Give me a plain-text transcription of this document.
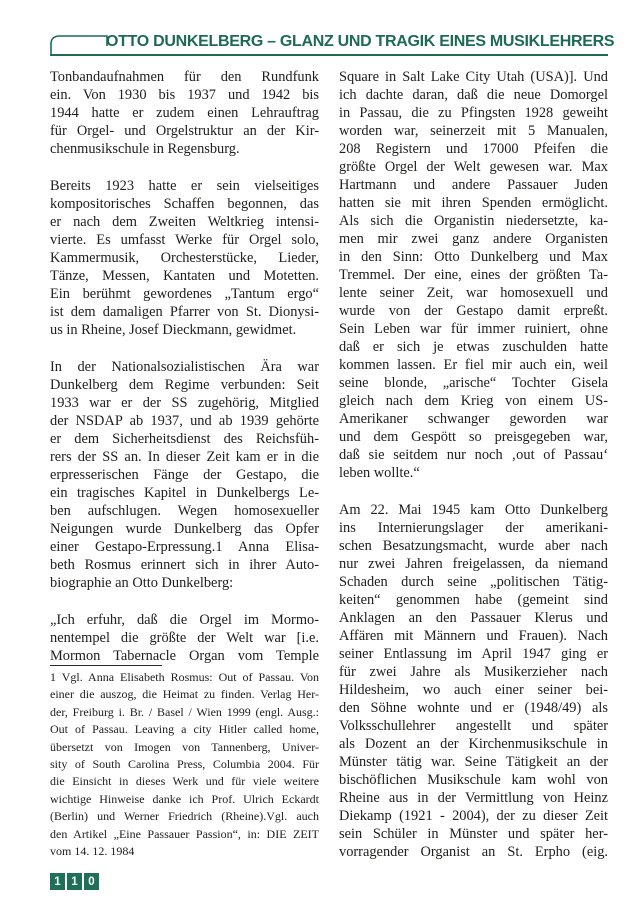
OTTO DUNKELBERG – GLANZ UND TRAGIK EINES MUSIKLEHRERS
Tonbandaufnahmen für den Rundfunk
ein. Von 1930 bis 1937 und 1942 bis
1944 hatte er zudem einen Lehrauftrag
für Orgel- und Orgelstruktur an der Kir-
chenmusikschule in Regensburg.
Bereits 1923 hatte er sein vielseitiges
kompositorisches Schaffen begonnen, das
er nach dem Zweiten Weltkrieg intensi-
vierte. Es umfasst Werke für Orgel solo,
Kammermusik, Orchesterstücke, Lieder,
Tänze, Messen, Kantaten und Motetten.
Ein berühmt gewordenes „Tantum ergo“
ist dem damaligen Pfarrer von St. Dionysi-
us in Rheine, Josef Dieckmann, gewidmet.
In der Nationalsozialistischen Ära war
Dunkelberg dem Regime verbunden: Seit
1933 war er der SS zugehörig, Mitglied
der NSDAP ab 1937, und ab 1939 gehörte
er dem Sicherheitsdienst des Reichsfüh-
rers der SS an. In dieser Zeit kam er in die
erpresserischen Fänge der Gestapo, die
ein tragisches Kapitel in Dunkelbergs Le-
ben aufschlugen. Wegen homosexueller
Neigungen wurde Dunkelberg das Opfer
einer Gestapo-Erpressung.1 Anna Elisa-
beth Rosmus erinnert sich in ihrer Auto-
biographie an Otto Dunkelberg:
„Ich erfuhr, daß die Orgel im Mormo-
nentempel die größte der Welt war [i.e.
Mormon Tabernacle Organ vom Temple
1 Vgl. Anna Elisabeth Rosmus: Out of Passau. Von
einer die auszog, die Heimat zu finden. Verlag Her-
der, Freiburg i. Br. / Basel / Wien 1999 (engl. Ausg.:
Out of Passau. Leaving a city Hitler called home,
übersetzt von Imogen von Tannenberg, Univer-
sity of South Carolina Press, Columbia 2004. Für
die Einsicht in dieses Werk und für viele weitere
wichtige Hinweise danke ich Prof. Ulrich Eckardt
(Berlin) und Werner Friedrich (Rheine).Vgl. auch
den Artikel „Eine Passauer Passion“, in: DIE ZEIT
vom 14. 12. 1984
1 1 0
Square in Salt Lake City Utah (USA)]. Und
ich dachte daran, daß die neue Domorgel
in Passau, die zu Pfingsten 1928 geweiht
worden war, seinerzeit mit 5 Manualen,
208 Registern und 17000 Pfeifen die
größte Orgel der Welt gewesen war. Max
Hartmann und andere Passauer Juden
hatten sie mit ihren Spenden ermöglicht.
Als sich die Organistin niedersetzte, ka-
men mir zwei ganz andere Organisten
in den Sinn: Otto Dunkelberg und Max
Tremmel. Der eine, eines der größten Ta-
lente seiner Zeit, war homosexuell und
wurde von der Gestapo damit erpreßt.
Sein Leben war für immer ruiniert, ohne
daß er sich je etwas zuschulden hatte
kommen lassen. Er fiel mir auch ein, weil
seine blonde, „arische“ Tochter Gisela
gleich nach dem Krieg von einem US-
Amerikaner schwanger geworden war
und dem Gespött so preisgegeben war,
daß sie seitdem nur noch ‚out of Passau‘
leben wollte.“
Am 22. Mai 1945 kam Otto Dunkelberg
ins Internierungslager der amerikani-
schen Besatzungsmacht, wurde aber nach
nur zwei Jahren freigelassen, da niemand
Schaden durch seine „politischen Tätig-
keiten“ genommen habe (gemeint sind
Anklagen an den Passauer Klerus und
Affären mit Männern und Frauen). Nach
seiner Entlassung im April 1947 ging er
für zwei Jahre als Musikerzieher nach
Hildesheim, wo auch einer seiner bei-
den Söhne wohnte und er (1948/49) als
Volksschullehrer angestellt und später
als Dozent an der Kirchenmusikschule in
Münster tätig war. Seine Tätigkeit an der
bischöflichen Musikschule kam wohl von
Rheine aus in der Vermittlung von Heinz
Diekamp (1921 - 2004), der zu dieser Zeit
sein Schüler in Münster und später her-
vorragender Organist an St. Erpho (eig.
